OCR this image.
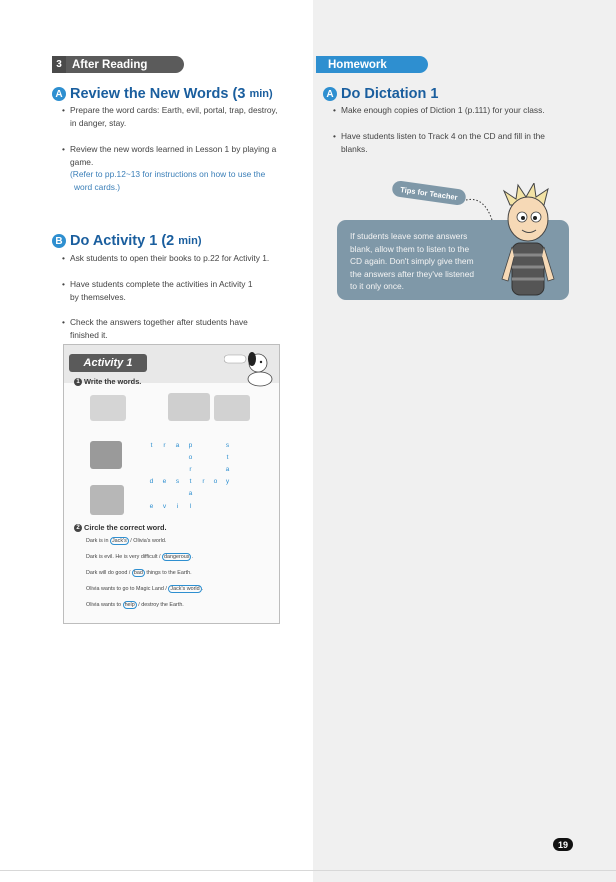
3 After Reading
A Review the New Words
(3
min)
• Prepare the word cards: Earth, evil, portal, trap, destroy,
in danger, stay.
• Review the new words learned in Lesson 1 by playing a
game.
(Refer to pp.12~13 for instructions on how to use the
word cards.)
B Do Activity 1
(2
min)
• Ask students to open their books to p.22 for Activity 1.
• Have students complete the activities in Activity 1
by themselves.
• Check the answers together after students have
finished it.
Activity 1
1 Write the words.
t	r	a	p	s
o	t
r	a
d	e	s	t	r	o	y
a
e	v	i	l
2 Circle the correct word.
Dark is in Jack's / Olivia's world.
Dark is evil. He is very difficult / dangerous .
Dark will do good / bad things to the Earth.
Olivia wants to go to Magic Land / Jack's world .
Olivia wants to help / destroy the Earth.
Homework
A Do Dictation 1
• Make enough copies of Diction 1 (p.111) for your class.
• Have students listen to Track 4 on the CD and fill in the
blanks.
Tips for Teacher
If students leave some answers
blank, allow them to listen to the
CD again. Don't simply give them
the answers after they've listened
to it only once.
19
